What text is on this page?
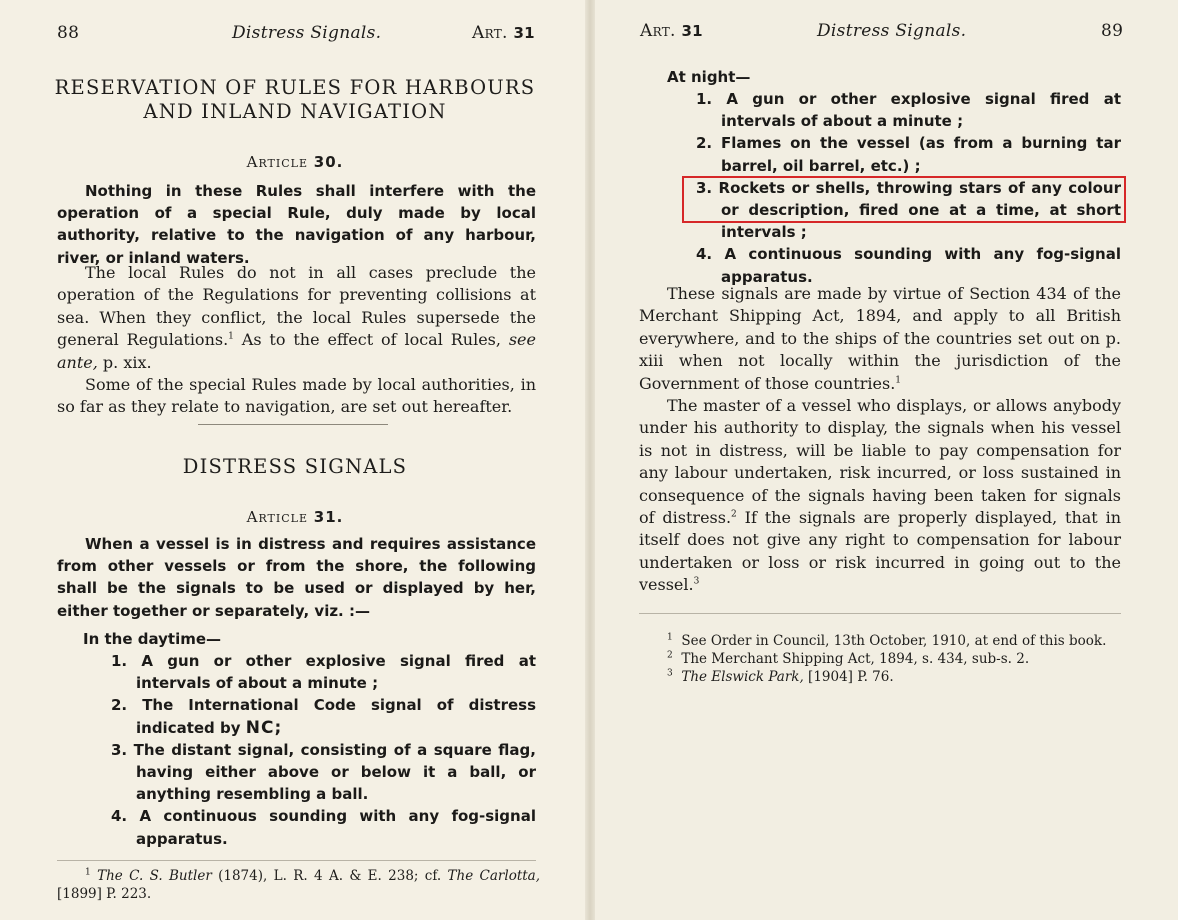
88	Distress Signals.	Art. 31
RESERVATION OF RULES FOR HARBOURS AND INLAND NAVIGATION
Article 30.
Nothing in these Rules shall interfere with the operation of a special Rule, duly made by local authority, relative to the navigation of any harbour, river, or inland waters.
The local Rules do not in all cases preclude the operation of the Regulations for preventing collisions at sea. When they conflict, the local Rules supersede the general Regulations.$^1$ As to the effect of local Rules, see ante, p. xix.
Some of the special Rules made by local authorities, in so far as they relate to navigation, are set out hereafter.
DISTRESS SIGNALS
Article 31.
When a vessel is in distress and requires assistance from other vessels or from the shore, the following shall be the signals to be used or displayed by her, either together or separately, viz. :—
In the daytime—
1. A gun or other explosive signal fired at intervals of about a minute ;
2. The International Code signal of distress indicated by NC;
3. The distant signal, consisting of a square flag, having either above or below it a ball, or anything resembling a ball.
4. A continuous sounding with any fog-signal apparatus.
$^1$ The C. S. Butler (1874), L. R. 4 A. & E. 238; cf. The Carlotta, [1899] P. 223.
Art. 31	Distress Signals.	89
At night—
1. A gun or other explosive signal fired at intervals of about a minute ;
2. Flames on the vessel (as from a burning tar barrel, oil barrel, etc.) ;
3. Rockets or shells, throwing stars of any colour or description, fired one at a time, at short intervals ;
4. A continuous sounding with any fog-signal apparatus.
These signals are made by virtue of Section 434 of the Merchant Shipping Act, 1894, and apply to all British everywhere, and to the ships of the countries set out on p. xiii when not locally within the jurisdiction of the Government of those countries.$^1$
The master of a vessel who displays, or allows anybody under his authority to display, the signals when his vessel is not in distress, will be liable to pay compensation for any labour undertaken, risk incurred, or loss sustained in consequence of the signals having been taken for signals of distress.$^2$ If the signals are properly displayed, that in itself does not give any right to compensation for labour undertaken or loss or risk incurred in going out to the vessel.$^3$
$^1$ See Order in Council, 13th October, 1910, at end of this book.
$^2$ The Merchant Shipping Act, 1894, s. 434, sub-s. 2.
$^3$ The Elswick Park, [1904] P. 76.
